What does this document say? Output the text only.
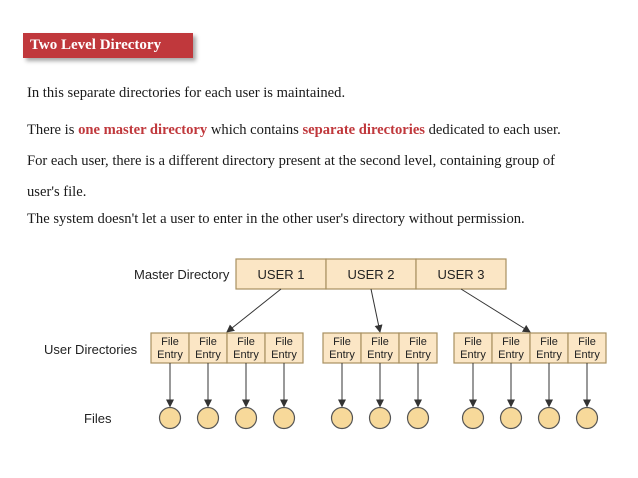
Two Level Directory
In this separate directories for each user is maintained.
There is one master directory which contains separate directories dedicated to each user.
For each user, there is a different directory present at the second level, containing group of
user's file.
The system doesn't let a user to enter in the other user's directory without permission.
Master Directory
User Directories
Files
USER 1	USER 2	USER 3
File
Entry
File
Entry
File
Entry
File
Entry
File
Entry
File
Entry
File
Entry
File
Entry
File
Entry
File
Entry
File
Entry
